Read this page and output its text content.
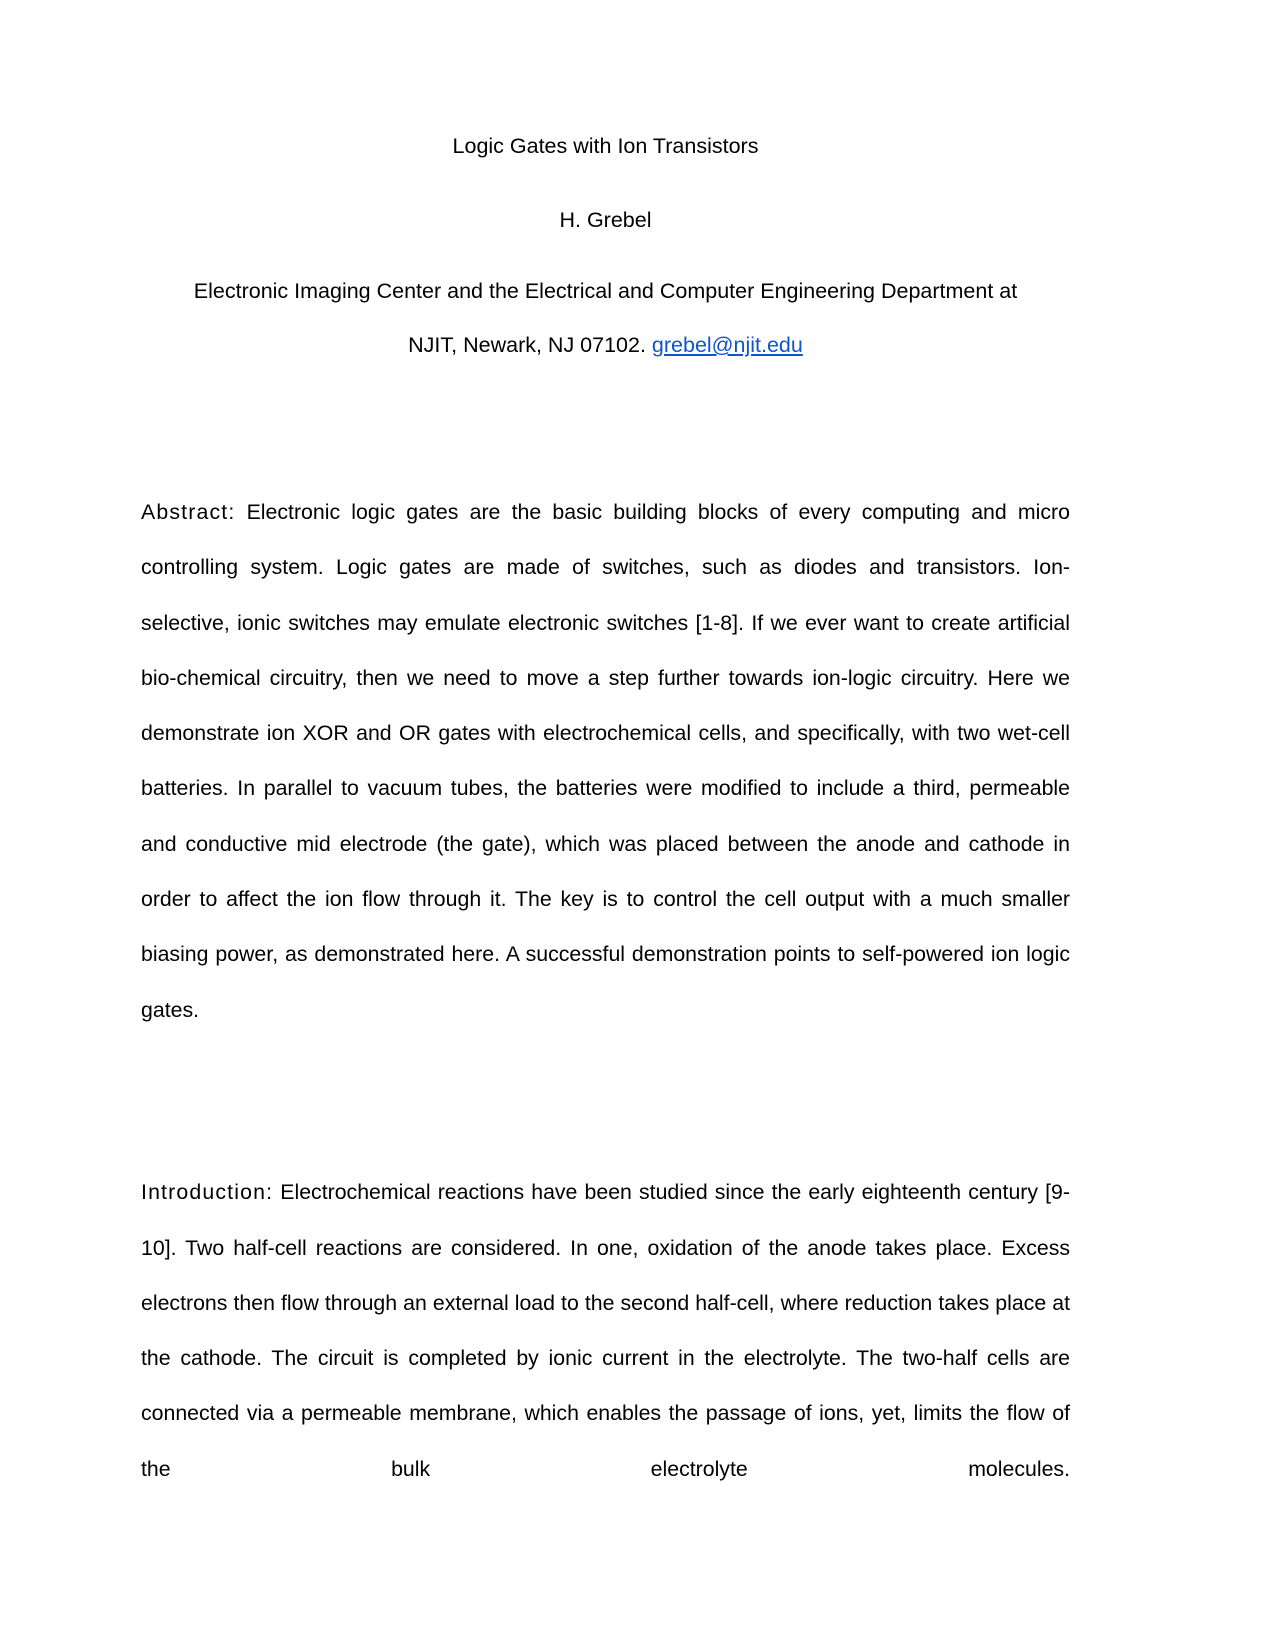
Logic Gates with Ion Transistors
H. Grebel
Electronic Imaging Center and the Electrical and Computer Engineering Department at
NJIT, Newark, NJ 07102. grebel@njit.edu

Abstract: Electronic logic gates are the basic building blocks of every computing and micro controlling system. Logic gates are made of switches, such as diodes and transistors. Ion-selective, ionic switches may emulate electronic switches [1-8]. If we ever want to create artificial bio-chemical circuitry, then we need to move a step further towards ion-logic circuitry. Here we demonstrate ion XOR and OR gates with electrochemical cells, and specifically, with two wet-cell batteries. In parallel to vacuum tubes, the batteries were modified to include a third, permeable and conductive mid electrode (the gate), which was placed between the anode and cathode in order to affect the ion flow through it. The key is to control the cell output with a much smaller biasing power, as demonstrated here. A successful demonstration points to self-powered ion logic gates.

Introduction: Electrochemical reactions have been studied since the early eighteenth century [9-10]. Two half-cell reactions are considered. In one, oxidation of the anode takes place. Excess electrons then flow through an external load to the second half-cell, where reduction takes place at the cathode. The circuit is completed by ionic current in the electrolyte. The two-half cells are connected via a permeable membrane, which enables the passage of ions, yet, limits the flow of the bulk electrolyte molecules.
